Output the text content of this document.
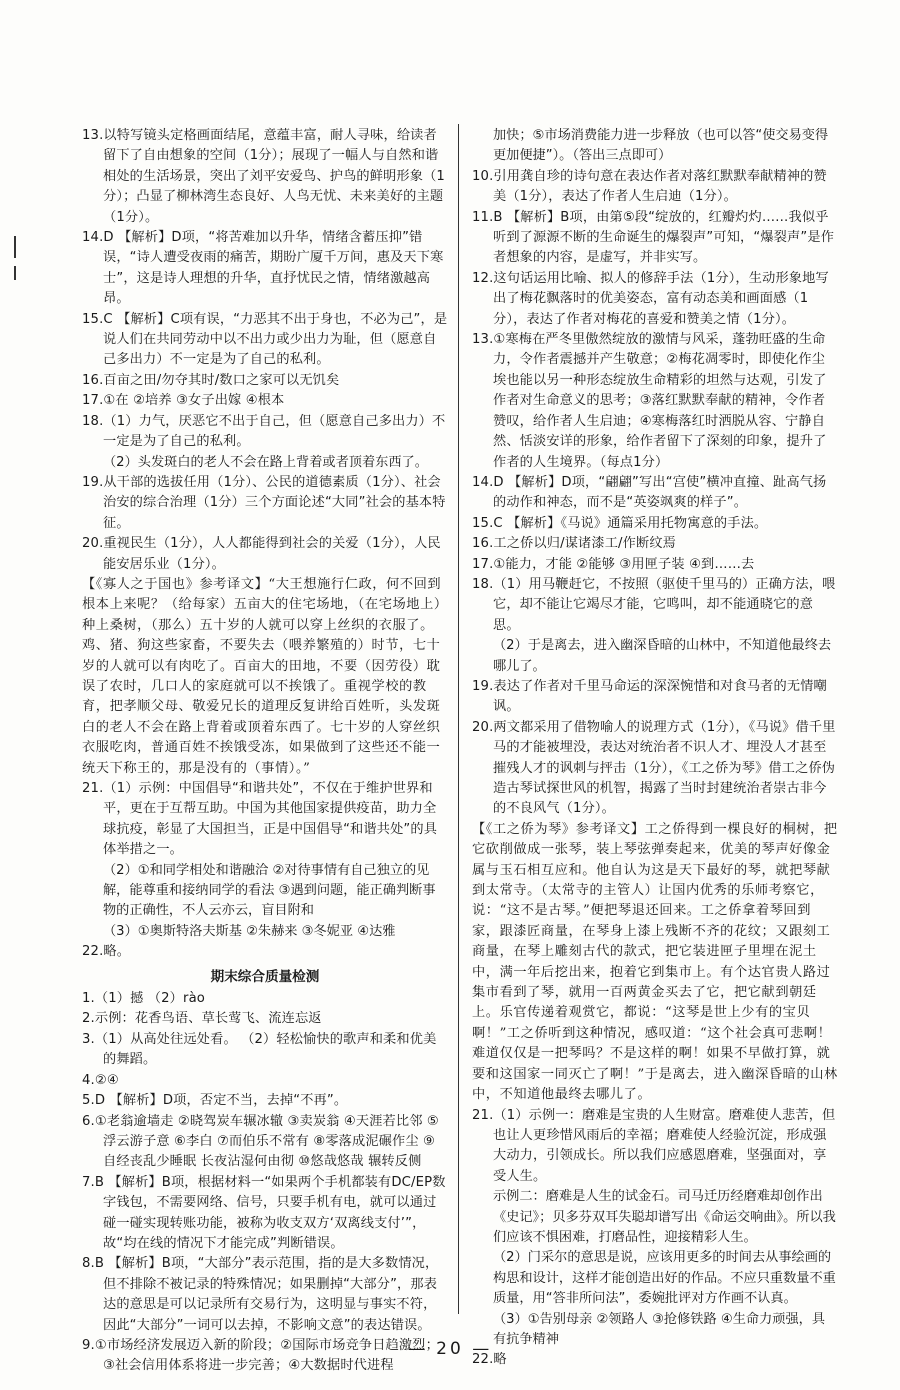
13.以特写镜头定格画面结尾，意蕴丰富，耐人寻味，给读者留下了自由想象的空间（1分）；展现了一幅人与自然和谐相处的生活场景，突出了刘平安爱鸟、护鸟的鲜明形象（1分）；凸显了柳林湾生态良好、人鸟无忧、未来美好的主题（1分）。

14.D 【解析】D项，“将苦难加以升华，情绪含蓄压抑”错误，“诗人遭受夜雨的痛苦，期盼广厦千万间，惠及天下寒士”，这是诗人理想的升华，直抒忧民之情，情绪激越高昂。

15.C 【解析】C项有误，“力恶其不出于身也，不必为己”，是说人们在共同劳动中以不出力或少出力为耻，但（愿意自己多出力）不一定是为了自己的私利。

16.百亩之田/勿夺其时/数口之家可以无饥矣

17.①在 ②培养 ③女子出嫁 ④根本

18.（1）力气，厌恶它不出于自己，但（愿意自己多出力）不一定是为了自己的私利。

（2）头发斑白的老人不会在路上背着或者顶着东西了。

19.从干部的选拔任用（1分）、公民的道德素质（1分）、社会治安的综合治理（1分）三个方面论述“大同”社会的基本特征。

20.重视民生（1分），人人都能得到社会的关爱（1分），人民能安居乐业（1分）。

【《寡人之于国也》参考译文】“大王想施行仁政，何不回到根本上来呢？（给每家）五亩大的住宅场地，（在宅场地上）种上桑树，（那么）五十岁的人就可以穿上丝织的衣服了。鸡、猪、狗这些家畜，不要失去（喂养繁殖的）时节，七十岁的人就可以有肉吃了。百亩大的田地，不要（因劳役）耽误了农时，几口人的家庭就可以不挨饿了。重视学校的教育，把孝顺父母、敬爱兄长的道理反复讲给百姓听，头发斑白的老人不会在路上背着或顶着东西了。七十岁的人穿丝织衣服吃肉，普通百姓不挨饿受冻，如果做到了这些还不能一统天下称王的，那是没有的（事情）。”

21.（1）示例：中国倡导“和谐共处”，不仅在于维护世界和平，更在于互帮互助。中国为其他国家提供疫苗，助力全球抗疫，彰显了大国担当，正是中国倡导“和谐共处”的具体举措之一。

（2）①和同学相处和谐融洽 ②对待事情有自己独立的见解，能尊重和接纳同学的看法 ③遇到问题，能正确判断事物的正确性，不人云亦云，盲目附和

（3）①奥斯特洛夫斯基 ②朱赫来 ③冬妮亚 ④达雅

22.略。

期末综合质量检测

1.（1）撼 （2）rào

2.示例：花香鸟语、草长莺飞、流连忘返

3.（1）从高处往远处看。 （2）轻松愉快的歌声和柔和优美的舞蹈。

4.②④

5.D 【解析】D项，否定不当，去掉“不再”。

6.①老翁逾墙走 ②晓驾炭车辗冰辙 ③卖炭翁 ④天涯若比邻 ⑤浮云游子意 ⑥李白 ⑦而伯乐不常有 ⑧零落成泥碾作尘 ⑨自经丧乱少睡眠 长夜沾湿何由彻 ⑩悠哉悠哉 辗转反侧

7.B 【解析】B项，根据材料一“如果两个手机都装有DC/EP数字钱包，不需要网络、信号，只要手机有电，就可以通过碰一碰实现转账功能，被称为收支双方‘双离线支付’”，故“均在线的情况下才能完成”判断错误。

8.B 【解析】B项，“大部分”表示范围，指的是大多数情况，但不排除不被记录的特殊情况；如果删掉“大部分”，那表达的意思是可以记录所有交易行为，这明显与事实不符，因此“大部分”一词可以去掉，不影响文意”的表达错误。

9.①市场经济发展迈入新的阶段；②国际市场竞争日趋激烈；③社会信用体系将进一步完善；④大数据时代进程

加快；⑤市场消费能力进一步释放（也可以答“使交易变得更加便捷”）。（答出三点即可）

10.引用龚自珍的诗句意在表达作者对落红默默奉献精神的赞美（1分），表达了作者人生启迪（1分）。

11.B 【解析】B项，由第⑤段“绽放的，红瓣灼灼……我似乎听到了源源不断的生命诞生的爆裂声”可知，“爆裂声”是作者想象的内容，是虚写，并非实写。

12.这句话运用比喻、拟人的修辞手法（1分），生动形象地写出了梅花飘落时的优美姿态，富有动态美和画面感（1分），表达了作者对梅花的喜爱和赞美之情（1分）。

13.①寒梅在严冬里傲然绽放的激情与风采，蓬勃旺盛的生命力，令作者震撼并产生敬意；②梅花凋零时，即使化作尘埃也能以另一种形态绽放生命精彩的坦然与达观，引发了作者对生命意义的思考；③落红默默奉献的精神，令作者赞叹，给作者人生启迪；④寒梅落红时洒脱从容、宁静自然、恬淡安详的形象，给作者留下了深刻的印象，提升了作者的人生境界。（每点1分）

14.D 【解析】D项，“翩翩”写出“宫使”横冲直撞、趾高气扬的动作和神态，而不是“英姿飒爽的样子”。

15.C 【解析】《马说》通篇采用托物寓意的手法。

16.工之侨以归/谋诸漆工/作断纹焉

17.①能力，才能 ②能够 ③用匣子装 ④到……去

18.（1）用马鞭赶它，不按照（驱使千里马的）正确方法，喂它，却不能让它竭尽才能，它鸣叫，却不能通晓它的意思。

（2）于是离去，进入幽深昏暗的山林中，不知道他最终去哪儿了。

19.表达了作者对千里马命运的深深惋惜和对食马者的无情嘲讽。

20.两文都采用了借物喻人的说理方式（1分），《马说》借千里马的才能被埋没，表达对统治者不识人才、埋没人才甚至摧残人才的讽刺与抨击（1分），《工之侨为琴》借工之侨伪造古琴试探世风的机智，揭露了当时封建统治者崇古非今的不良风气（1分）。

【《工之侨为琴》参考译文】工之侨得到一棵良好的桐树，把它砍削做成一张琴，装上琴弦弹奏起来，优美的琴声好像金属与玉石相互应和。他自认为这是天下最好的琴，就把琴献到太常寺。（太常寺的主管人）让国内优秀的乐师考察它，说：“这不是古琴。”便把琴退还回来。工之侨拿着琴回到家，跟漆匠商量，在琴身上漆上残断不齐的花纹；又跟刻工商量，在琴上雕刻古代的款式，把它装进匣子里埋在泥土中，满一年后挖出来，抱着它到集市上。有个达官贵人路过集市看到了琴，就用一百两黄金买去了它，把它献到朝廷上。乐官传递着观赏它，都说：“这琴是世上少有的宝贝啊！”工之侨听到这种情况，感叹道：“这个社会真可悲啊！难道仅仅是一把琴吗？不是这样的啊！如果不早做打算，就要和这国家一同灭亡了啊！”于是离去，进入幽深昏暗的山林中，不知道他最终去哪儿了。

21.（1）示例一：磨难是宝贵的人生财富。磨难使人悲苦，但也让人更珍惜风雨后的幸福；磨难使人经验沉淀，形成强大动力，引领成长。所以我们应感恩磨难，坚强面对，享受人生。

示例二：磨难是人生的试金石。司马迁历经磨难却创作出《史记》；贝多芬双耳失聪却谱写出《命运交响曲》。所以我们应该不惧困难，打磨品性，迎接精彩人生。

（2）门采尔的意思是说，应该用更多的时间去从事绘画的构思和设计，这样才能创造出好的作品。不应只重数量不重质量，用“答非所问法”，委婉批评对方作画不认真。

（3）①告别母亲 ②领路人 ③抢修铁路 ④生命力顽强，具有抗争精神

22.略

— 20 —
